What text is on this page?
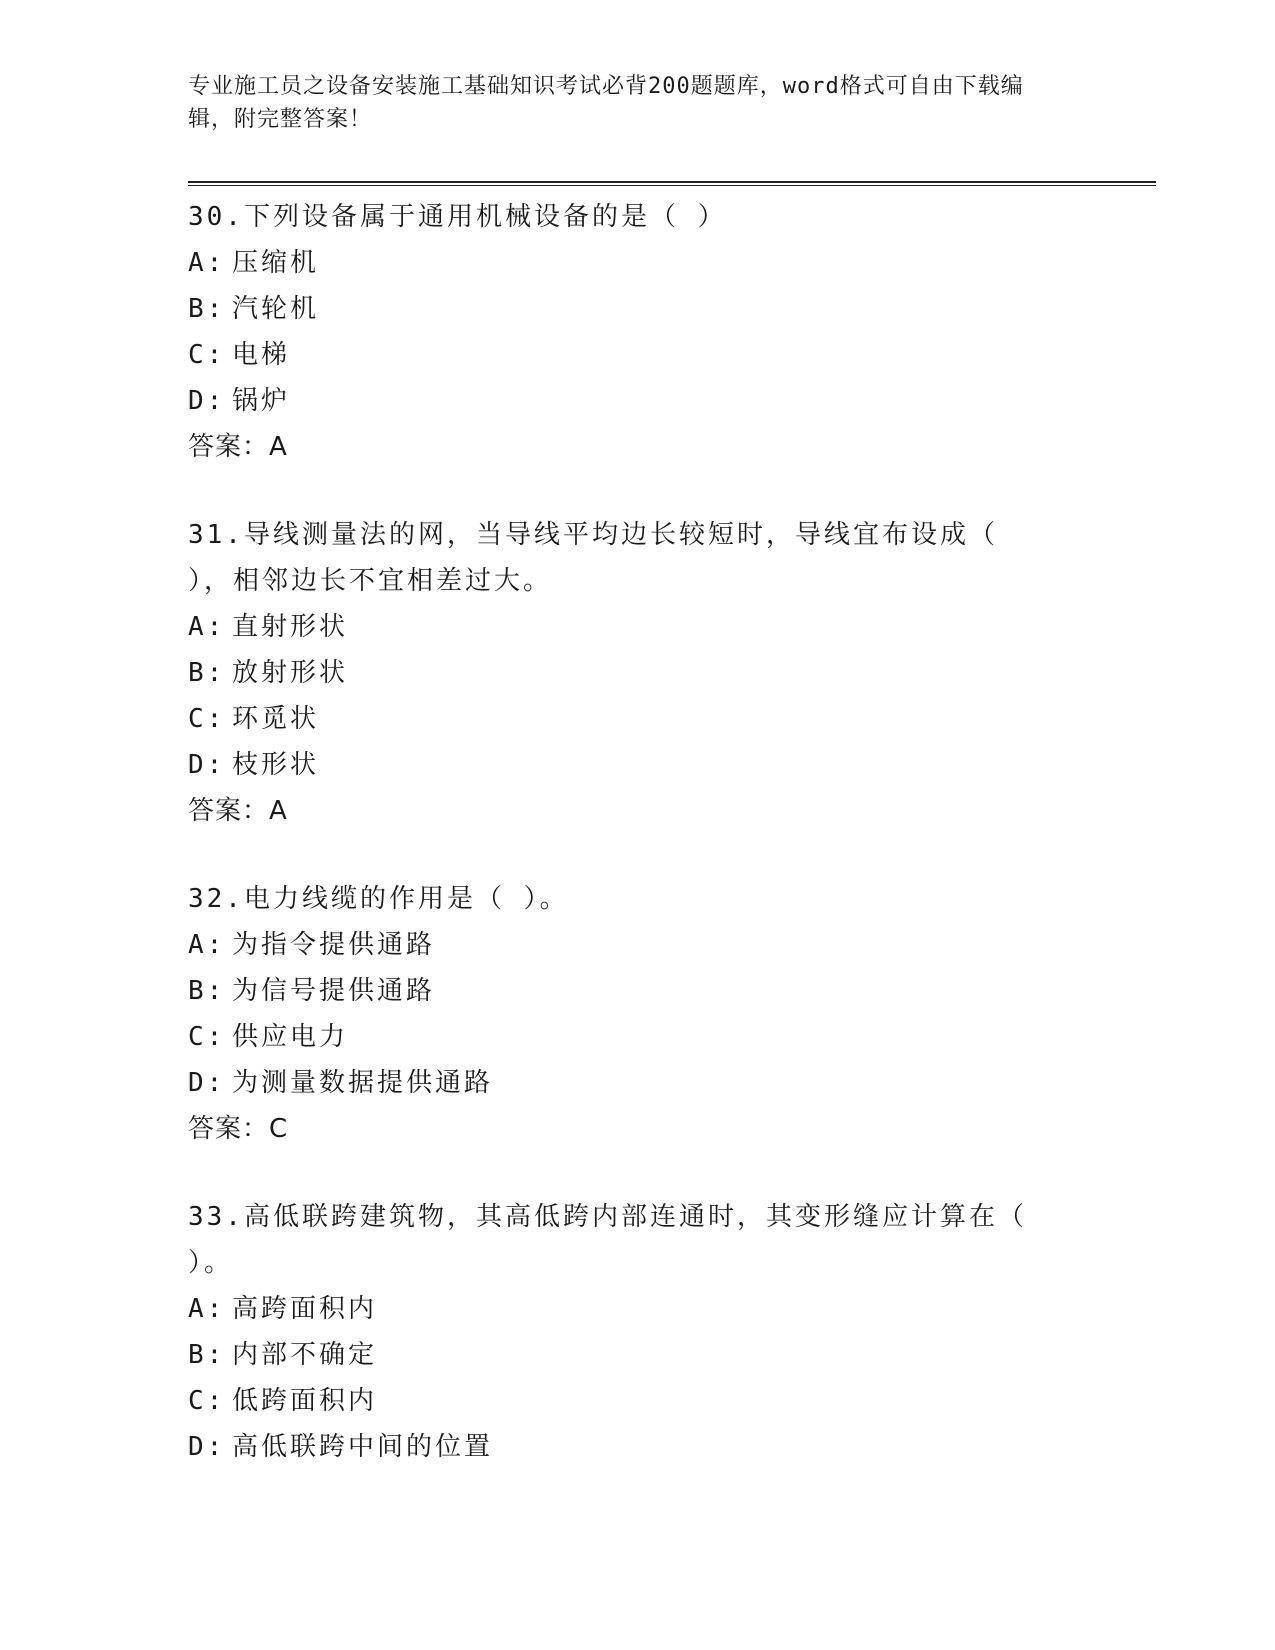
专业施工员之设备安装施工基础知识考试必背200题题库，word格式可自由下载编辑，附完整答案！

30.下列设备属于通用机械设备的是（ ）

A: 压缩机

B: 汽轮机

C: 电梯

D: 锅炉

答案：A

31.导线测量法的网，当导线平均边长较短时，导线宜布设成（ ），相邻边长不宜相差过大。

A: 直射形状

B: 放射形状

C: 环觅状

D: 枝形状

答案：A

32.电力线缆的作用是（ ）。

A: 为指令提供通路

B: 为信号提供通路

C: 供应电力

D: 为测量数据提供通路

答案：C

33.高低联跨建筑物，其高低跨内部连通时，其变形缝应计算在（ ）。

A: 高跨面积内

B: 内部不确定

C: 低跨面积内

D: 高低联跨中间的位置
